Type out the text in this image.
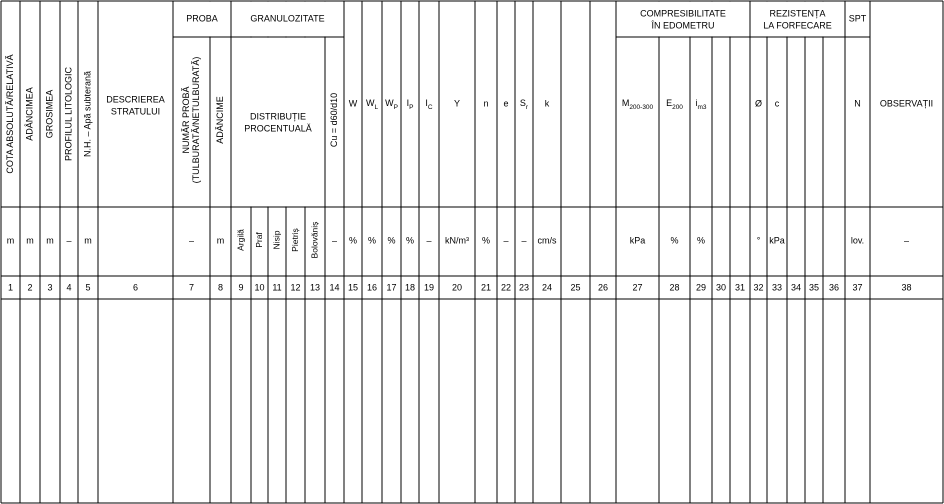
PROBA	GRANULOZITATE	COMPRESIBILITATE
ÎN EDOMETRU
REZISTENȚA
LA FORFECARE
SPT
DISTRIBUȚIE
PROCENTUALĂ
COTA ABSOLUTĂ/RELATIVĂ
m
1
ADÂNCIMEA
m
2
GROSIMEA
m
3
PROFILUL LITOLOGIC
–
4
N.H. – Apă subterană
m
5
DESCRIEREA
STRATULUI
6
NUMĂR PROBĂ (TULBURATĂ/NETULBURATĂ)
–
7
ADÂNCIME
m
8
Argilă
9
Praf
10
Nisip
11
Pietriș
12
Bolovăniș
13
Cu = d60/d10
–
14
W
%
15
$W_L$
%
16
$W_P$
%
17
$I_P$
%
18
$I_C$
–
19
Y
kN/m³
20
n
%
21
e
–
22
$S_r$
–
23
k
cm/s
24 25 26
$M_{200-300}$
kPa
27
$E_{200}$
%
28
$i_{m3}$
%
29 30 31
Ø
°
32
c
kPa
33 34 35 36
N
lov.
37
OBSERVAȚII
–
38
